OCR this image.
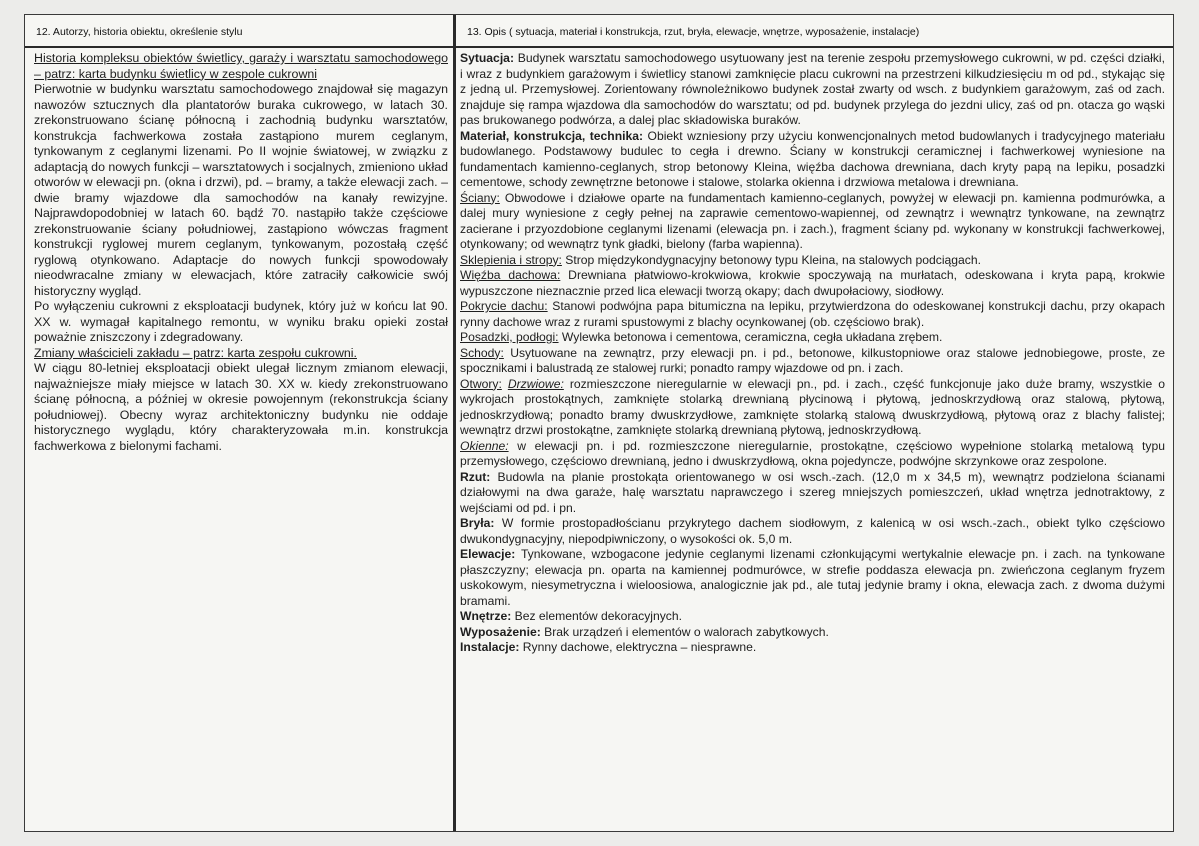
12. Autorzy, historia obiektu, określenie stylu	13. Opis ( sytuacja, materiał i konstrukcja, rzut, bryła, elewacje, wnętrze, wyposażenie, instalacje)

Historia kompleksu obiektów świetlicy, garaży i warsztatu samochodowego – patrz: karta budynku świetlicy w zespole cukrowni

Pierwotnie w budynku warsztatu samochodowego znajdował się magazyn nawozów sztucznych dla plantatorów buraka cukrowego, w latach 30. zrekonstruowano ścianę północną i zachodnią budynku warsztatów, konstrukcja fachwerkowa została zastąpiono murem ceglanym, tynkowanym z ceglanymi lizenami. Po II wojnie światowej, w związku z adaptacją do nowych funkcji – warsztatowych i socjalnych, zmieniono układ otworów w elewacji pn. (okna i drzwi), pd. – bramy, a także elewacji zach. – dwie bramy wjazdowe dla samochodów na kanały rewizyjne. Najprawdopodobniej w latach 60. bądź 70. nastąpiło także częściowe zrekonstruowanie ściany południowej, zastąpiono wówczas fragment konstrukcji ryglowej murem ceglanym, tynkowanym, pozostałą część ryglową otynkowano. Adaptacje do nowych funkcji spowodowały nieodwracalne zmiany w elewacjach, które zatraciły całkowicie swój historyczny wygląd.

Po wyłączeniu cukrowni z eksploatacji budynek, który już w końcu lat 90. XX w. wymagał kapitalnego remontu, w wyniku braku opieki został poważnie zniszczony i zdegradowany.

Zmiany właścicieli zakładu – patrz: karta zespołu cukrowni.

W ciągu 80-letniej eksploatacji obiekt ulegał licznym zmianom elewacji, najważniejsze miały miejsce w latach 30. XX w. kiedy zrekonstruowano ścianę północną, a później w okresie powojennym (rekonstrukcja ściany południowej). Obecny wyraz architektoniczny budynku nie oddaje historycznego wyglądu, który charakteryzowała m.in. konstrukcja fachwerkowa z bielonymi fachami.

Sytuacja: Budynek warsztatu samochodowego usytuowany jest na terenie zespołu przemysłowego cukrowni, w pd. części działki, i wraz z budynkiem garażowym i świetlicy stanowi zamknięcie placu cukrowni na przestrzeni kilkudziesięciu m od pd., stykając się z jedną ul. Przemysłowej. Zorientowany równoleżnikowo budynek został zwarty od wsch. z budynkiem garażowym, zaś od zach. znajduje się rampa wjazdowa dla samochodów do warsztatu; od pd. budynek przylega do jezdni ulicy, zaś od pn. otacza go wąski pas brukowanego podwórza, a dalej plac składowiska buraków.

Materiał, konstrukcja, technika: Obiekt wzniesiony przy użyciu konwencjonalnych metod budowlanych i tradycyjnego materiału budowlanego. Podstawowy budulec to cegła i drewno. Ściany w konstrukcji ceramicznej i fachwerkowej wyniesione na fundamentach kamienno-ceglanych, strop betonowy Kleina, więźba dachowa drewniana, dach kryty papą na lepiku, posadzki cementowe, schody zewnętrzne betonowe i stalowe, stolarka okienna i drzwiowa metalowa i drewniana.

Ściany: Obwodowe i działowe oparte na fundamentach kamienno-ceglanych, powyżej w elewacji pn. kamienna podmurówka, a dalej mury wyniesione z cegły pełnej na zaprawie cementowo-wapiennej, od zewnątrz i wewnątrz tynkowane, na zewnątrz zacierane i przyozdobione ceglanymi lizenami (elewacja pn. i zach.), fragment ściany pd. wykonany w konstrukcji fachwerkowej, otynkowany; od wewnątrz tynk gładki, bielony (farba wapienna).

Sklepienia i stropy: Strop międzykondygnacyjny betonowy typu Kleina, na stalowych podciągach.

Więźba dachowa: Drewniana płatwiowo-krokwiowa, krokwie spoczywają na murłatach, odeskowana i kryta papą, krokwie wypuszczone nieznacznie przed lica elewacji tworzą okapy; dach dwupołaciowy, siodłowy.

Pokrycie dachu: Stanowi podwójna papa bitumiczna na lepiku, przytwierdzona do odeskowanej konstrukcji dachu, przy okapach rynny dachowe wraz z rurami spustowymi z blachy ocynkowanej (ob. częściowo brak).

Posadzki, podłogi: Wylewka betonowa i cementowa, ceramiczna, cegła układana zrębem.

Schody: Usytuowane na zewnątrz, przy elewacji pn. i pd., betonowe, kilkustopniowe oraz stalowe jednobiegowe, proste, ze spocznikami i balustradą ze stalowej rurki; ponadto rampy wjazdowe od pn. i zach.

Otwory: Drzwiowe: rozmieszczone nieregularnie w elewacji pn., pd. i zach., część funkcjonuje jako duże bramy, wszystkie o wykrojach prostokątnych, zamknięte stolarką drewnianą płycinową i płytową, jednoskrzydłową oraz stalową, płytową, jednoskrzydłową; ponadto bramy dwuskrzydłowe, zamknięte stolarką stalową dwuskrzydłową, płytową oraz z blachy falistej; wewnątrz drzwi prostokątne, zamknięte stolarką drewnianą płytową, jednoskrzydłową.

Okienne: w elewacji pn. i pd. rozmieszczone nieregularnie, prostokątne, częściowo wypełnione stolarką metalową typu przemysłowego, częściowo drewnianą, jedno i dwuskrzydłową, okna pojedyncze, podwójne skrzynkowe oraz zespolone.

Rzut: Budowla na planie prostokąta orientowanego w osi wsch.-zach. (12,0 m x 34,5 m), wewnątrz podzielona ścianami działowymi na dwa garaże, halę warsztatu naprawczego i szereg mniejszych pomieszczeń, układ wnętrza jednotraktowy, z wejściami od pd. i pn.

Bryła: W formie prostopadłościanu przykrytego dachem siodłowym, z kalenicą w osi wsch.-zach., obiekt tylko częściowo dwukondygnacyjny, niepodpiwniczony, o wysokości ok. 5,0 m.

Elewacje: Tynkowane, wzbogacone jedynie ceglanymi lizenami członkującymi wertykalnie elewacje pn. i zach. na tynkowane płaszczyzny; elewacja pn. oparta na kamiennej podmurówce, w strefie poddasza elewacja pn. zwieńczona ceglanym fryzem uskokowym, niesymetryczna i wieloosiowa, analogicznie jak pd., ale tutaj jedynie bramy i okna, elewacja zach. z dwoma dużymi bramami.

Wnętrze: Bez elementów dekoracyjnych.

Wyposażenie: Brak urządzeń i elementów o walorach zabytkowych.

Instalacje: Rynny dachowe, elektryczna – niesprawne.
